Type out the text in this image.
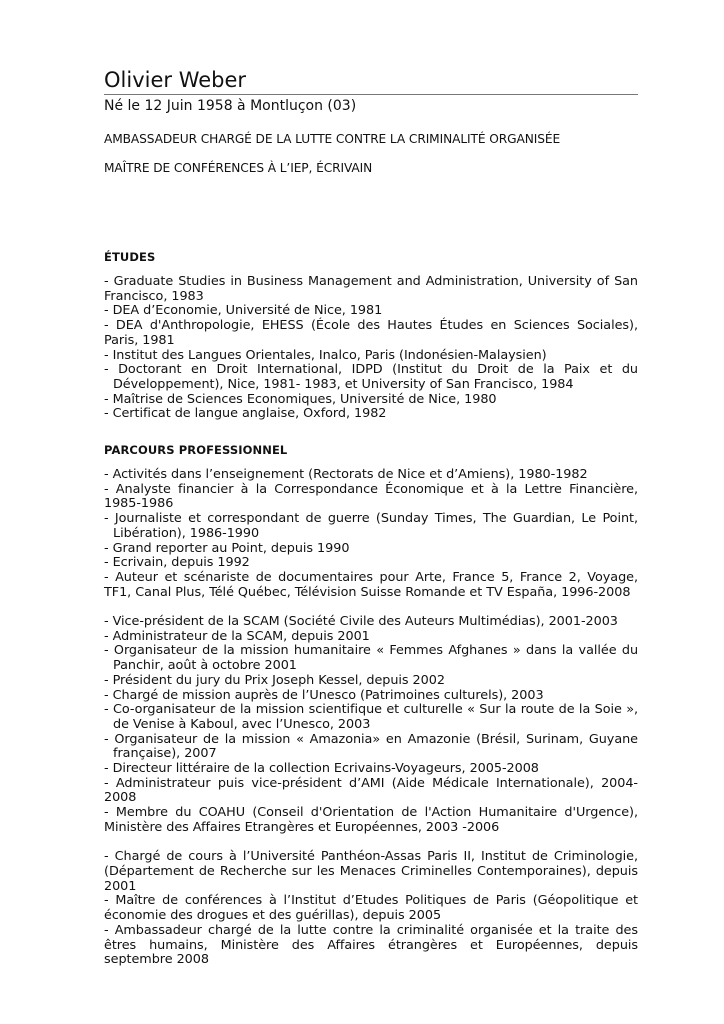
Olivier Weber
Né le 12 Juin 1958 à Montluçon (03)
AMBASSADEUR CHARGÉ DE LA LUTTE CONTRE LA CRIMINALITÉ ORGANISÉE
MAÎTRE DE CONFÉRENCES À L’IEP, ÉCRIVAIN
ÉTUDES
- Graduate Studies in Business Management and Administration, University of San Francisco, 1983
- DEA d’Economie, Université de Nice, 1981
- DEA d'Anthropologie, EHESS (École des Hautes Études en Sciences Sociales), Paris, 1981
- Institut des Langues Orientales, Inalco, Paris (Indonésien-Malaysien)
- Doctorant en Droit International, IDPD (Institut du Droit de la Paix et du Développement), Nice, 1981- 1983, et University of San Francisco, 1984
- Maîtrise de Sciences Economiques, Université de Nice, 1980
- Certificat de langue anglaise, Oxford, 1982
PARCOURS PROFESSIONNEL
- Activités dans l’enseignement (Rectorats de Nice et d’Amiens), 1980-1982
- Analyste financier à la Correspondance Économique et à la Lettre Financière, 1985-1986
- Journaliste et correspondant de guerre (Sunday Times, The Guardian, Le Point, Libération), 1986-1990
- Grand reporter au Point, depuis 1990
- Ecrivain, depuis 1992
- Auteur et scénariste de documentaires pour Arte, France 5, France 2, Voyage, TF1, Canal Plus, Télé Québec, Télévision Suisse Romande et TV España, 1996-2008
- Vice-président de la SCAM (Société Civile des Auteurs Multimédias), 2001-2003
- Administrateur de la SCAM, depuis 2001
- Organisateur de la mission humanitaire « Femmes Afghanes » dans la vallée du Panchir, août à octobre 2001
- Président du jury du Prix Joseph Kessel, depuis 2002
- Chargé de mission auprès de l’Unesco (Patrimoines culturels), 2003
- Co-organisateur de la mission scientifique et culturelle « Sur la route de la Soie », de Venise à Kaboul, avec l’Unesco, 2003
- Organisateur de la mission « Amazonia» en Amazonie (Brésil, Surinam, Guyane française), 2007
- Directeur littéraire de la collection Ecrivains-Voyageurs, 2005-2008
- Administrateur puis vice-président d’AMI (Aide Médicale Internationale), 2004-2008
- Membre du COAHU (Conseil d'Orientation de l'Action Humanitaire d'Urgence), Ministère des Affaires Etrangères et Européennes, 2003 -2006
- Chargé de cours à l’Université Panthéon-Assas Paris II, Institut de Criminologie, (Département de Recherche sur les Menaces Criminelles Contemporaines), depuis 2001
- Maître de conférences à l’Institut d’Etudes Politiques de Paris (Géopolitique et économie des drogues et des guérillas), depuis 2005
- Ambassadeur chargé de la lutte contre la criminalité organisée et la traite des êtres humains, Ministère des Affaires étrangères et Européennes, depuis septembre 2008
